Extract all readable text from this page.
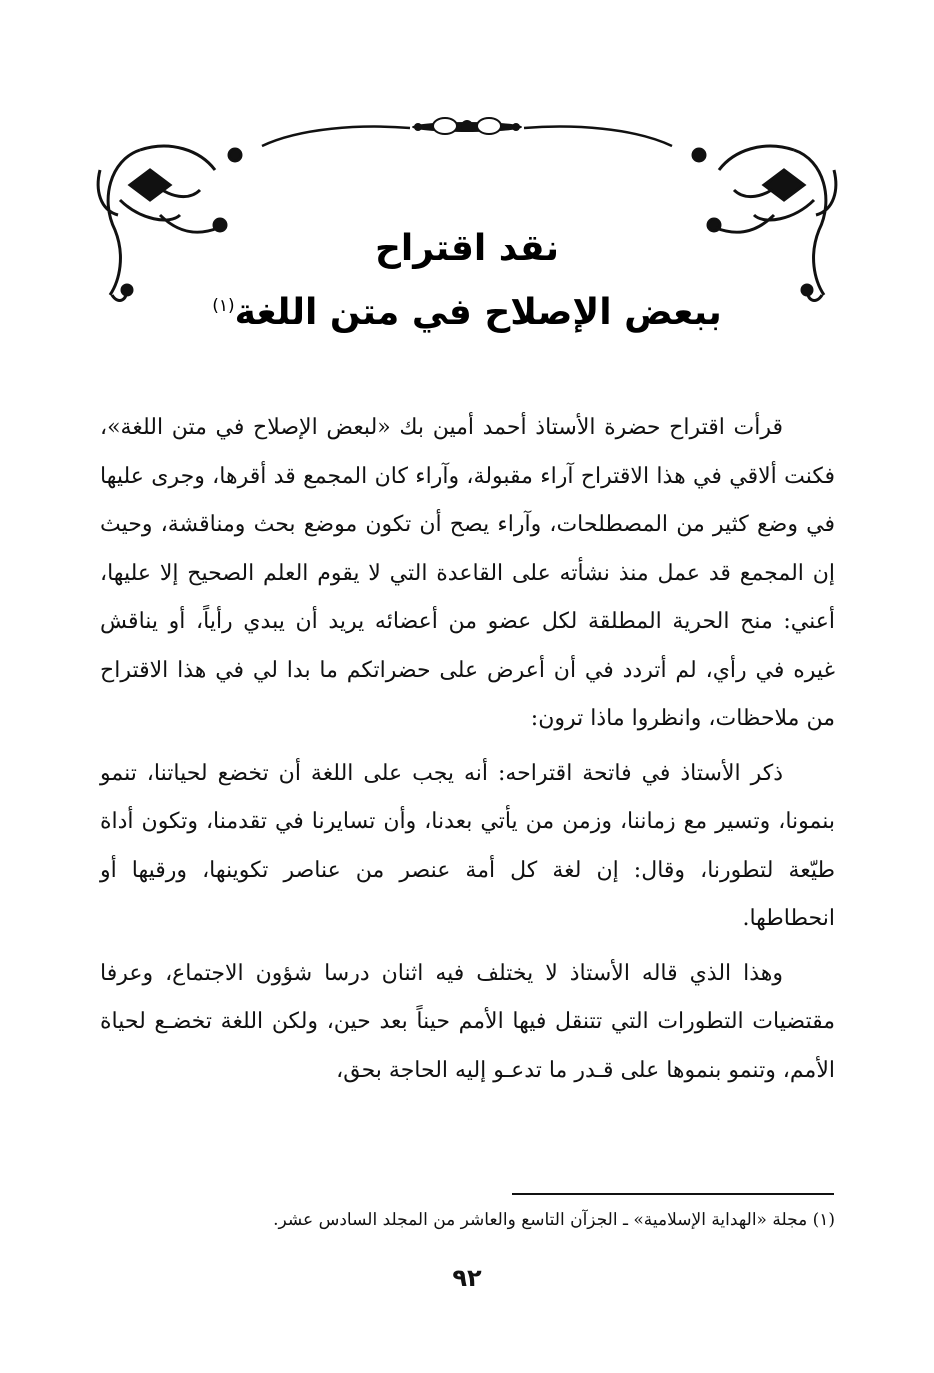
نقد اقتراح
ببعض الإصلاح في متن اللغة$^{(١)}$

قرأت اقتراح حضرة الأستاذ أحمد أمين بك «لبعض الإصلاح في متن اللغة»، فكنت ألاقي في هذا الاقتراح آراء مقبولة، وآراء كان المجمع قد أقرها، وجرى عليها في وضع كثير من المصطلحات، وآراء يصح أن تكون موضع بحث ومناقشة، وحيث إن المجمع قد عمل منذ نشأته على القاعدة التي لا يقوم العلم الصحيح إلا عليها، أعني: منح الحرية المطلقة لكل عضو من أعضائه يريد أن يبدي رأياً، أو يناقش غيره في رأي، لم أتردد في أن أعرض على حضراتكم ما بدا لي في هذا الاقتراح من ملاحظات، وانظروا ماذا ترون:

ذكر الأستاذ في فاتحة اقتراحه: أنه يجب على اللغة أن تخضع لحياتنا، تنمو بنمونا، وتسير مع زماننا، وزمن من يأتي بعدنا، وأن تسايرنا في تقدمنا، وتكون أداة طيّعة لتطورنا، وقال: إن لغة كل أمة عنصر من عناصر تكوينها، ورقيها أو انحطاطها.

وهذا الذي قاله الأستاذ لا يختلف فيه اثنان درسا شؤون الاجتماع، وعرفا مقتضيات التطورات التي تتنقل فيها الأمم حيناً بعد حين، ولكن اللغة تخضـع لحياة الأمم، وتنمو بنموها على قـدر ما تدعـو إليه الحاجة بحق،

(١) مجلة «الهداية الإسلامية» ـ الجزآن التاسع والعاشر من المجلد السادس عشر.
٩٢
